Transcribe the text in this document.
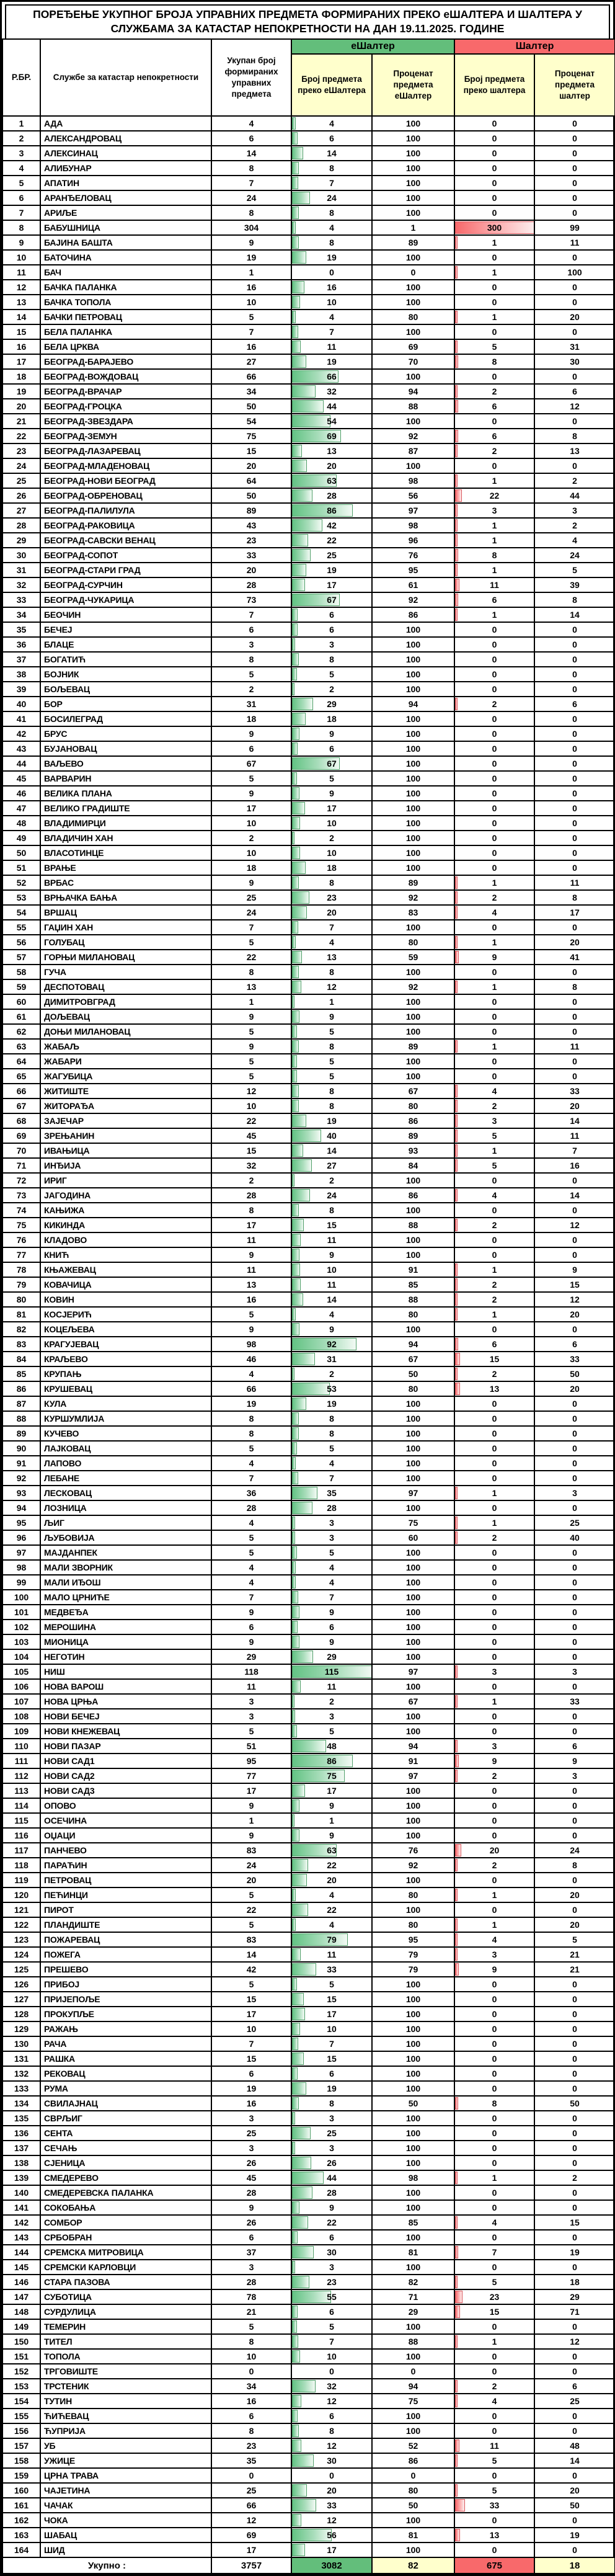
ПОРЕЂЕЊЕ УКУПНОГ БРОЈА УПРАВНИХ ПРЕДМЕТА ФОРМИРАНИХ ПРЕКО еШАЛТЕРА И ШАЛТЕРА У СЛУЖБАМА ЗА КАТАСТАР НЕПОКРЕТНОСТИ НА ДАН 19.11.2025. ГОДИНЕ
Р.БР.	Службе за катастар непокретности	Укупан број формираних управних предмета	еШалтер		Шалтер	
			Број предмета преко еШалтера	Проценат предмета еШалтер	Број предмета преко шалтера	Проценат предмета шалтер
1	АДА	4	4	100	0	0
2	АЛЕКСАНДРОВАЦ	6	6	100	0	0
3	АЛЕКСИНАЦ	14	14	100	0	0
4	АЛИБУНАР	8	8	100	0	0
5	АПАТИН	7	7	100	0	0
6	АРАНЂЕЛОВАЦ	24	24	100	0	0
7	АРИЉЕ	8	8	100	0	0
8	БАБУШНИЦА	304	4	1	300	99
9	БАЈИНА БАШТА	9	8	89	1	11
10	БАТОЧИНА	19	19	100	0	0
11	БАЧ	1	0	0	1	100
12	БАЧКА ПАЛАНКА	16	16	100	0	0
13	БАЧКА ТОПОЛА	10	10	100	0	0
14	БАЧКИ ПЕТРОВАЦ	5	4	80	1	20
15	БЕЛА ПАЛАНКА	7	7	100	0	0
16	БЕЛА ЦРКВА	16	11	69	5	31
17	БЕОГРАД-БАРАЈЕВО	27	19	70	8	30
18	БЕОГРАД-ВОЖДОВАЦ	66	66	100	0	0
19	БЕОГРАД-ВРАЧАР	34	32	94	2	6
20	БЕОГРАД-ГРОЦКА	50	44	88	6	12
21	БЕОГРАД-ЗВЕЗДАРА	54	54	100	0	0
22	БЕОГРАД-ЗЕМУН	75	69	92	6	8
23	БЕОГРАД-ЛАЗАРЕВАЦ	15	13	87	2	13
24	БЕОГРАД-МЛАДЕНОВАЦ	20	20	100	0	0
25	БЕОГРАД-НОВИ БЕОГРАД	64	63	98	1	2
26	БЕОГРАД-ОБРЕНОВАЦ	50	28	56	22	44
27	БЕОГРАД-ПАЛИЛУЛА	89	86	97	3	3
28	БЕОГРАД-РАКОВИЦА	43	42	98	1	2
29	БЕОГРАД-САВСКИ ВЕНАЦ	23	22	96	1	4
30	БЕОГРАД-СОПОТ	33	25	76	8	24
31	БЕОГРАД-СТАРИ ГРАД	20	19	95	1	5
32	БЕОГРАД-СУРЧИН	28	17	61	11	39
33	БЕОГРАД-ЧУКАРИЦА	73	67	92	6	8
34	БЕОЧИН	7	6	86	1	14
35	БЕЧЕЈ	6	6	100	0	0
36	БЛАЦЕ	3	3	100	0	0
37	БОГАТИЋ	8	8	100	0	0
38	БОЈНИК	5	5	100	0	0
39	БОЉЕВАЦ	2	2	100	0	0
40	БОР	31	29	94	2	6
41	БОСИЛЕГРАД	18	18	100	0	0
42	БРУС	9	9	100	0	0
43	БУЈАНОВАЦ	6	6	100	0	0
44	ВАЉЕВО	67	67	100	0	0
45	ВАРВАРИН	5	5	100	0	0
46	ВЕЛИКА ПЛАНА	9	9	100	0	0
47	ВЕЛИКО ГРАДИШТЕ	17	17	100	0	0
48	ВЛАДИМИРЦИ	10	10	100	0	0
49	ВЛАДИЧИН ХАН	2	2	100	0	0
50	ВЛАСОТИНЦЕ	10	10	100	0	0
51	ВРАЊЕ	18	18	100	0	0
52	ВРБАС	9	8	89	1	11
53	ВРЊАЧКА БАЊА	25	23	92	2	8
54	ВРШАЦ	24	20	83	4	17
55	ГАЏИН ХАН	7	7	100	0	0
56	ГОЛУБАЦ	5	4	80	1	20
57	ГОРЊИ МИЛАНОВАЦ	22	13	59	9	41
58	ГУЧА	8	8	100	0	0
59	ДЕСПОТОВАЦ	13	12	92	1	8
60	ДИМИТРОВГРАД	1	1	100	0	0
61	ДОЉЕВАЦ	9	9	100	0	0
62	ДОЊИ МИЛАНОВАЦ	5	5	100	0	0
63	ЖАБАЉ	9	8	89	1	11
64	ЖАБАРИ	5	5	100	0	0
65	ЖАГУБИЦА	5	5	100	0	0
66	ЖИТИШТЕ	12	8	67	4	33
67	ЖИТОРАЂА	10	8	80	2	20
68	ЗАЈЕЧАР	22	19	86	3	14
69	ЗРЕЊАНИН	45	40	89	5	11
70	ИВАЊИЦА	15	14	93	1	7
71	ИНЂИЈА	32	27	84	5	16
72	ИРИГ	2	2	100	0	0
73	ЈАГОДИНА	28	24	86	4	14
74	КАЊИЖА	8	8	100	0	0
75	КИКИНДА	17	15	88	2	12
76	КЛАДОВО	11	11	100	0	0
77	КНИЋ	9	9	100	0	0
78	КЊАЖЕВАЦ	11	10	91	1	9
79	КОВАЧИЦА	13	11	85	2	15
80	КОВИН	16	14	88	2	12
81	КОСЈЕРИЋ	5	4	80	1	20
82	КОЦЕЉЕВА	9	9	100	0	0
83	КРАГУЈЕВАЦ	98	92	94	6	6
84	КРАЉЕВО	46	31	67	15	33
85	КРУПАЊ	4	2	50	2	50
86	КРУШЕВАЦ	66	53	80	13	20
87	КУЛА	19	19	100	0	0
88	КУРШУМЛИЈА	8	8	100	0	0
89	КУЧЕВО	8	8	100	0	0
90	ЛАЈКОВАЦ	5	5	100	0	0
91	ЛАПОВО	4	4	100	0	0
92	ЛЕБАНЕ	7	7	100	0	0
93	ЛЕСКОВАЦ	36	35	97	1	3
94	ЛОЗНИЦА	28	28	100	0	0
95	ЉИГ	4	3	75	1	25
96	ЉУБОВИЈА	5	3	60	2	40
97	МАЈДАНПЕК	5	5	100	0	0
98	МАЛИ ЗВОРНИК	4	4	100	0	0
99	МАЛИ ИЂОШ	4	4	100	0	0
100	МАЛО ЦРНИЋЕ	7	7	100	0	0
101	МЕДВЕЂА	9	9	100	0	0
102	МЕРОШИНА	6	6	100	0	0
103	МИОНИЦА	9	9	100	0	0
104	НЕГОТИН	29	29	100	0	0
105	НИШ	118	115	97	3	3
106	НОВА ВАРОШ	11	11	100	0	0
107	НОВА ЦРЊА	3	2	67	1	33
108	НОВИ БЕЧЕЈ	3	3	100	0	0
109	НОВИ КНЕЖЕВАЦ	5	5	100	0	0
110	НОВИ ПАЗАР	51	48	94	3	6
111	НОВИ САД1	95	86	91	9	9
112	НОВИ САД2	77	75	97	2	3
113	НОВИ САД3	17	17	100	0	0
114	ОПОВО	9	9	100	0	0
115	ОСЕЧИНА	1	1	100	0	0
116	ОЏАЦИ	9	9	100	0	0
117	ПАНЧЕВО	83	63	76	20	24
118	ПАРАЋИН	24	22	92	2	8
119	ПЕТРОВАЦ	20	20	100	0	0
120	ПЕЋИНЦИ	5	4	80	1	20
121	ПИРОТ	22	22	100	0	0
122	ПЛАНДИШТЕ	5	4	80	1	20
123	ПОЖАРЕВАЦ	83	79	95	4	5
124	ПОЖЕГА	14	11	79	3	21
125	ПРЕШЕВО	42	33	79	9	21
126	ПРИБОЈ	5	5	100	0	0
127	ПРИЈЕПОЉЕ	15	15	100	0	0
128	ПРОКУПЉЕ	17	17	100	0	0
129	РАЖАЊ	10	10	100	0	0
130	РАЧА	7	7	100	0	0
131	РАШКА	15	15	100	0	0
132	РЕКОВАЦ	6	6	100	0	0
133	РУМА	19	19	100	0	0
134	СВИЛАЈНАЦ	16	8	50	8	50
135	СВРЉИГ	3	3	100	0	0
136	СЕНТА	25	25	100	0	0
137	СЕЧАЊ	3	3	100	0	0
138	СЈЕНИЦА	26	26	100	0	0
139	СМЕДЕРЕВО	45	44	98	1	2
140	СМЕДЕРЕВСКА ПАЛАНКА	28	28	100	0	0
141	СОКОБАЊА	9	9	100	0	0
142	СОМБОР	26	22	85	4	15
143	СРБОБРАН	6	6	100	0	0
144	СРЕМСКА МИТРОВИЦА	37	30	81	7	19
145	СРЕМСКИ КАРЛОВЦИ	3	3	100	0	0
146	СТАРА ПАЗОВА	28	23	82	5	18
147	СУБОТИЦА	78	55	71	23	29
148	СУРДУЛИЦА	21	6	29	15	71
149	ТЕМЕРИН	5	5	100	0	0
150	ТИТЕЛ	8	7	88	1	12
151	ТОПОЛА	10	10	100	0	0
152	ТРГОВИШТЕ	0	0	0	0	0
153	ТРСТЕНИК	34	32	94	2	6
154	ТУТИН	16	12	75	4	25
155	ЋИЋЕВАЦ	6	6	100	0	0
156	ЋУПРИЈА	8	8	100	0	0
157	УБ	23	12	52	11	48
158	УЖИЦЕ	35	30	86	5	14
159	ЦРНА ТРАВА	0	0	0	0	0
160	ЧАЈЕТИНА	25	20	80	5	20
161	ЧАЧАК	66	33	50	33	50
162	ЧОКА	12	12	100	0	0
163	ШАБАЦ	69	56	81	13	19
164	ШИД	17	17	100	0	0
Укупно :		3757	3082	82	675	18
